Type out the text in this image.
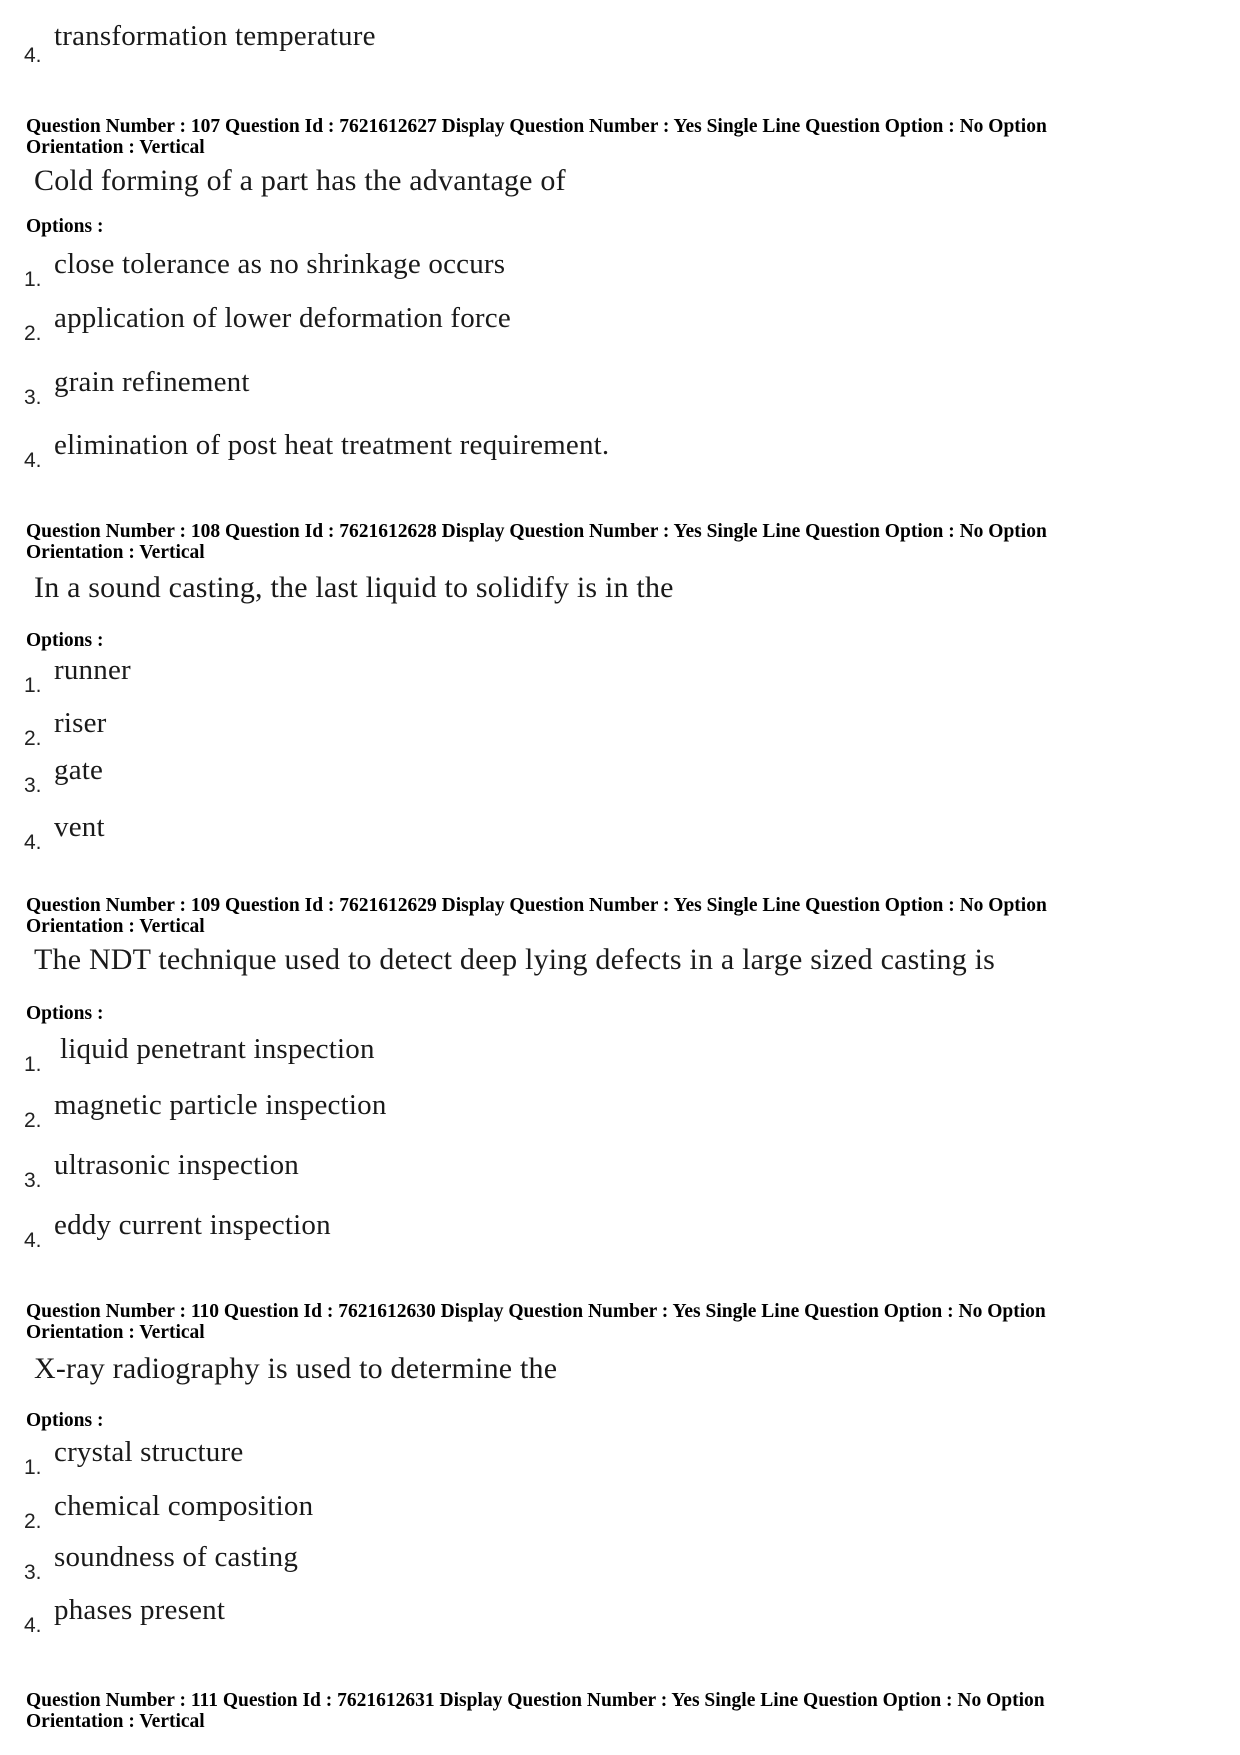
4.
transformation temperature
Question Number : 107 Question Id : 7621612627 Display Question Number : Yes Single Line Question Option : No Option
Orientation : Vertical
Cold forming of a part has the advantage of
Options :
1. close tolerance as no shrinkage occurs
2. application of lower deformation force
3. grain refinement
4. elimination of post heat treatment requirement.
Question Number : 108 Question Id : 7621612628 Display Question Number : Yes Single Line Question Option : No Option
Orientation : Vertical
In a sound casting, the last liquid to solidify is in the
Options :
1. runner
2. riser
3. gate
4. vent
Question Number : 109 Question Id : 7621612629 Display Question Number : Yes Single Line Question Option : No Option
Orientation : Vertical
The NDT technique used to detect deep lying defects in a large sized casting is
Options :
1. liquid penetrant inspection
2. magnetic particle inspection
3. ultrasonic inspection
4. eddy current inspection
Question Number : 110 Question Id : 7621612630 Display Question Number : Yes Single Line Question Option : No Option
Orientation : Vertical
X-ray radiography is used to determine the
Options :
1. crystal structure
2. chemical composition
3. soundness of casting
4. phases present
Question Number : 111 Question Id : 7621612631 Display Question Number : Yes Single Line Question Option : No Option
Orientation : Vertical
